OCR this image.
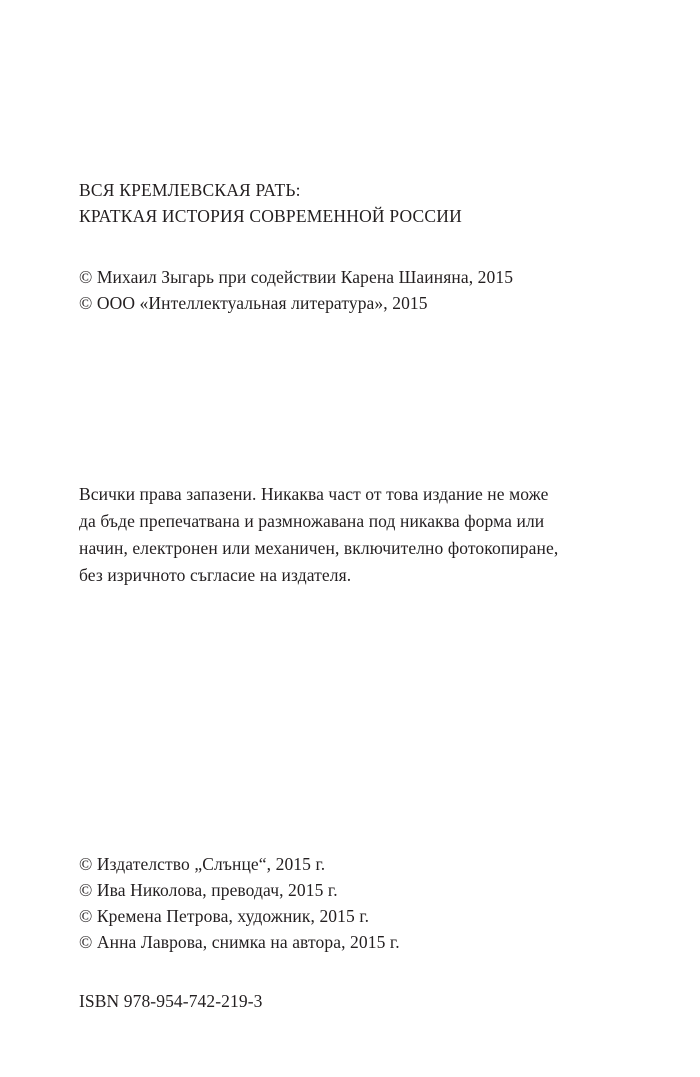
ВСЯ КРЕМЛЕВСКАЯ РАТЬ:
КРАТКАЯ ИСТОРИЯ СОВРЕМЕННОЙ РОССИИ
© Михаил Зыгарь при содействии Карена Шаиняна, 2015
© ООО «Интеллектуальная литература», 2015
Всички права запазени. Никаква част от това издание не може
да бъде препечатвана и размножавана под никаква форма или
начин, електронен или механичен, включително фотокопиране,
без изричното съгласие на издателя.
© Издателство „Слънце“, 2015 г.
© Ива Николова, преводач, 2015 г.
© Кремена Петрова, художник, 2015 г.
© Анна Лаврова, снимка на автора, 2015 г.
ISBN 978-954-742-219-3
